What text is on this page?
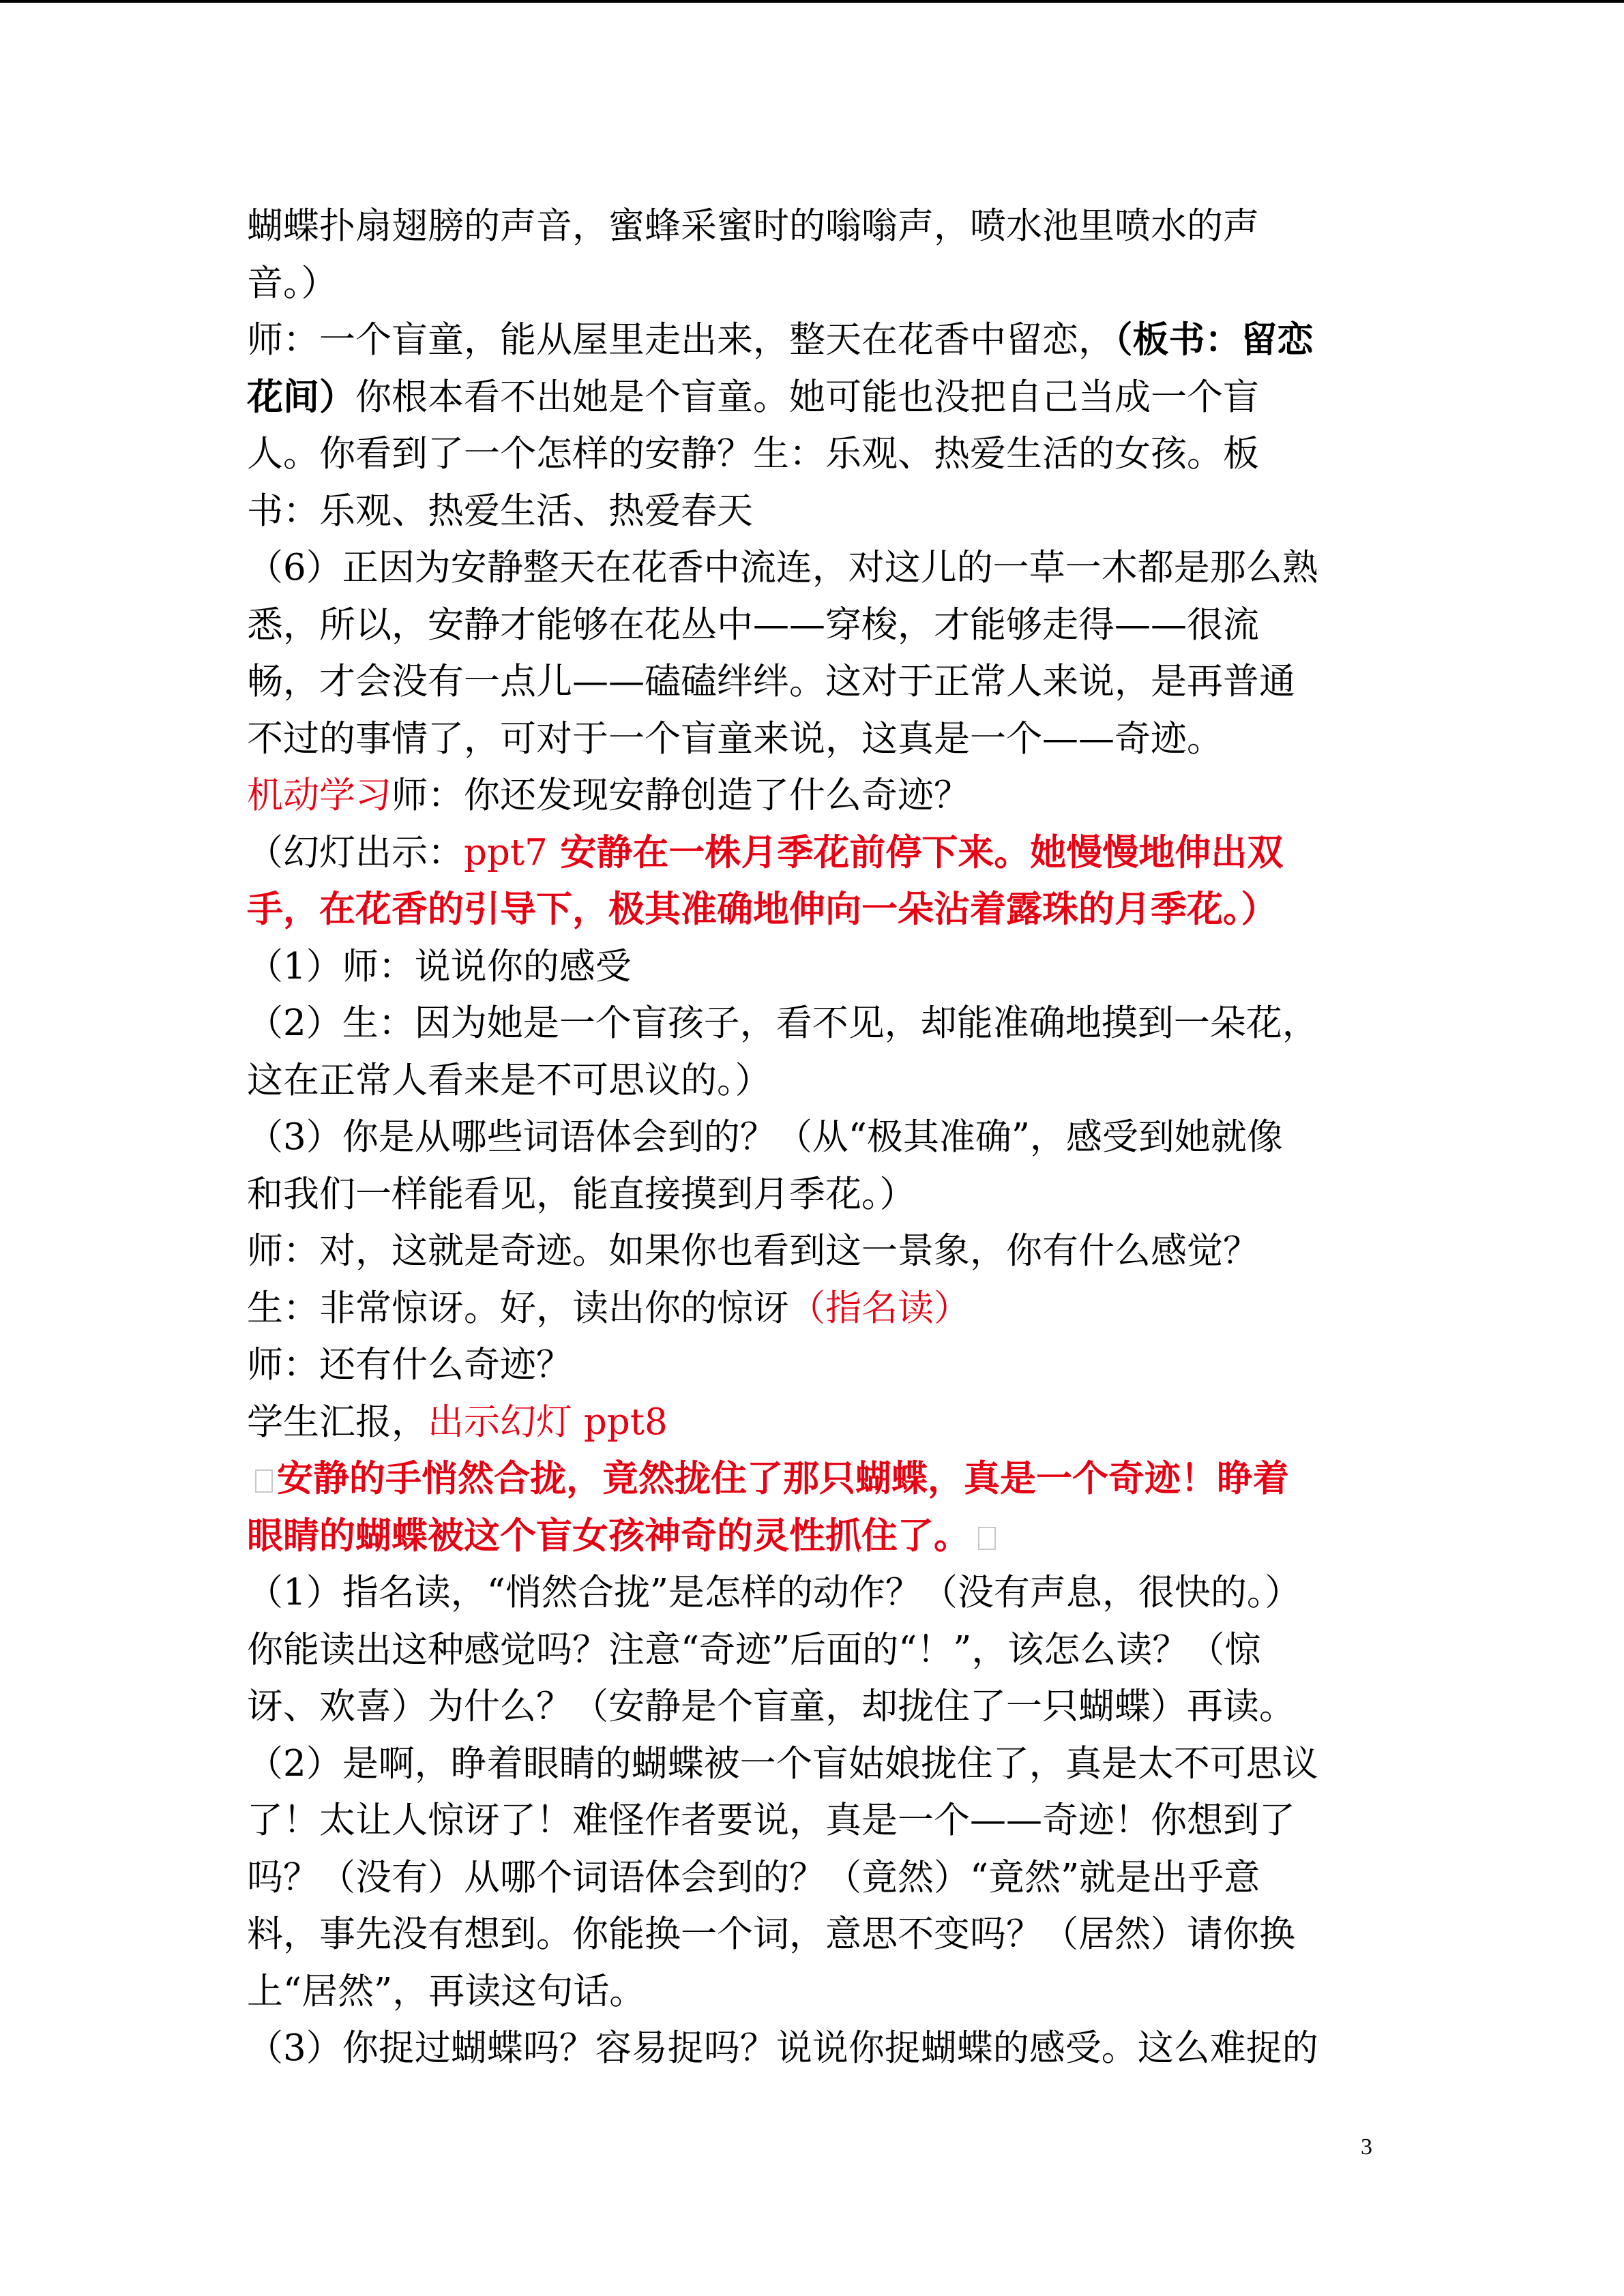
蝴蝶扑扇翅膀的声音，蜜蜂采蜜时的嗡嗡声，喷水池里喷水的声
音。）
师：一个盲童，能从屋里走出来，整天在花香中留恋，（板书：留恋
花间）你根本看不出她是个盲童。她可能也没把自己当成一个盲
人。你看到了一个怎样的安静？生：乐观、热爱生活的女孩。板
书：乐观、热爱生活、热爱春天
（6）正因为安静整天在花香中流连，对这儿的一草一木都是那么熟
悉，所以，安静才能够在花丛中——穿梭，才能够走得——很流
畅，才会没有一点儿——磕磕绊绊。这对于正常人来说，是再普通
不过的事情了，可对于一个盲童来说，这真是一个——奇迹。
机动学习师：你还发现安静创造了什么奇迹？
（幻灯出示：ppt7 安静在一株月季花前停下来。她慢慢地伸出双
手，在花香的引导下，极其准确地伸向一朵沾着露珠的月季花。）
（1）师：说说你的感受
（2）生：因为她是一个盲孩子，看不见，却能准确地摸到一朵花，
这在正常人看来是不可思议的。）
（3）你是从哪些词语体会到的？（从“极其准确”，感受到她就像
和我们一样能看见，能直接摸到月季花。）
师：对，这就是奇迹。如果你也看到这一景象，你有什么感觉？
生：非常惊讶。好，读出你的惊讶（指名读）
师：还有什么奇迹？
学生汇报，出示幻灯 ppt8
安静的手悄然合拢，竟然拢住了那只蝴蝶，真是一个奇迹！睁着
眼睛的蝴蝶被这个盲女孩神奇的灵性抓住了。
（1）指名读，“悄然合拢”是怎样的动作？（没有声息，很快的。）
你能读出这种感觉吗？注意“奇迹”后面的“！”，该怎么读？（惊
讶、欢喜）为什么？（安静是个盲童，却拢住了一只蝴蝶）再读。
（2）是啊，睁着眼睛的蝴蝶被一个盲姑娘拢住了，真是太不可思议
了！太让人惊讶了！难怪作者要说，真是一个——奇迹！你想到了
吗？（没有）从哪个词语体会到的？（竟然）“竟然”就是出乎意
料，事先没有想到。你能换一个词，意思不变吗？（居然）请你换
上“居然”，再读这句话。
（3）你捉过蝴蝶吗？容易捉吗？说说你捉蝴蝶的感受。这么难捉的
3
